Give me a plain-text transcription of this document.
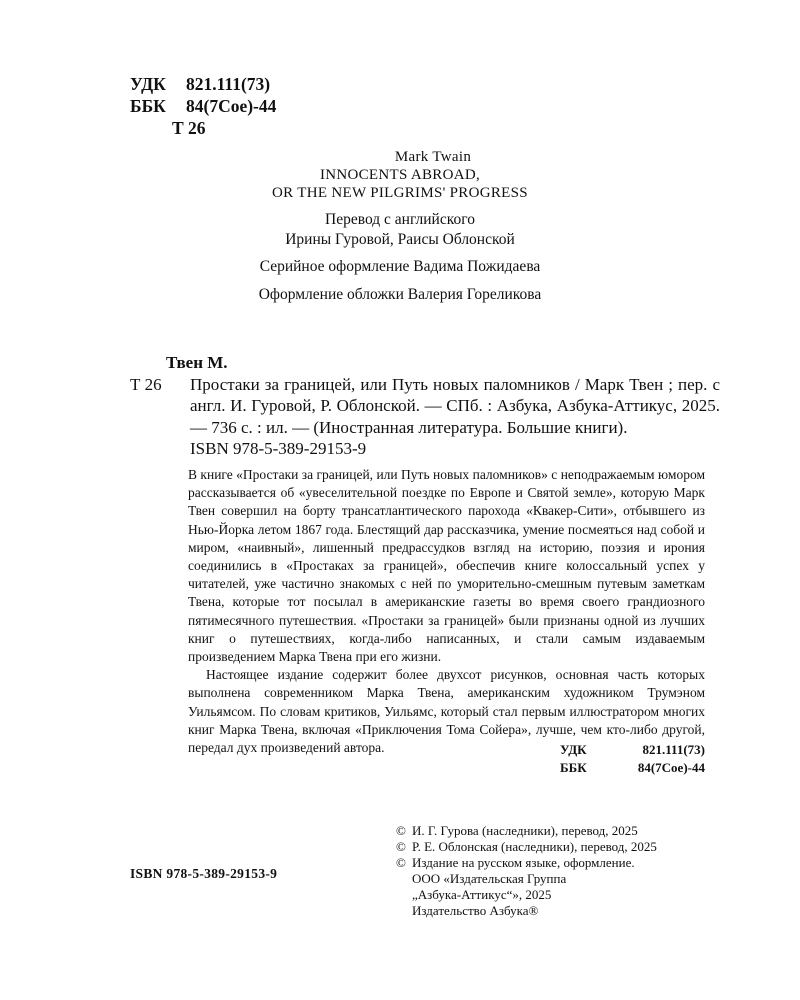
УДК	821.111(73)
ББК	84(7Сое)-44
Т 26
Mark Twain
INNOCENTS ABROAD,
OR THE NEW PILGRIMS' PROGRESS
Перевод с английского
Ирины Гуровой, Раисы Облонской
Серийное оформление Вадима Пожидаева
Оформление обложки Валерия Гореликова
Твен М.
Т 26	Простаки за границей, или Путь новых паломников / Марк Твен ; пер. с англ. И. Гуровой, Р. Облонской. — СПб. : Азбука, Азбука-Аттикус, 2025. — 736 с. : ил. — (Иностранная литература. Большие книги).
ISBN 978-5-389-29153-9

В книге «Простаки за границей, или Путь новых паломников» с неподражаемым юмором рассказывается об «увеселительной поездке по Европе и Святой земле», которую Марк Твен совершил на борту трансатлантического парохода «Квакер-Сити», отбывшего из Нью-Йорка летом 1867 года. Блестящий дар рассказчика, умение посмеяться над собой и миром, «наивный», лишенный предрассудков взгляд на историю, поэзия и ирония соединились в «Простаках за границей», обеспечив книге колоссальный успех у читателей, уже частично знакомых с ней по уморительно-смешным путевым заметкам Твена, которые тот посылал в американские газеты во время своего грандиозного пятимесячного путешествия. «Простаки за границей» были признаны одной из лучших книг о путешествиях, когда-либо написанных, и стали самым издаваемым произведением Марка Твена при его жизни.

Настоящее издание содержит более двухсот рисунков, основная часть которых выполнена современником Марка Твена, американским художником Трумэном Уильямсом. По словам критиков, Уильямс, который стал первым иллюстратором многих книг Марка Твена, включая «Приключения Тома Сойера», лучше, чем кто-либо другой, передал дух произведений автора.	УДК	821.111(73)
ББК	84(7Сое)-44
© И. Г. Гурова (наследники), перевод, 2025
© Р. Е. Облонская (наследники), перевод, 2025
© Издание на русском языке, оформление.
ООО «Издательская Группа
„Азбука-Аттикус“», 2025
Издательство Азбука®
ISBN 978-5-389-29153-9
